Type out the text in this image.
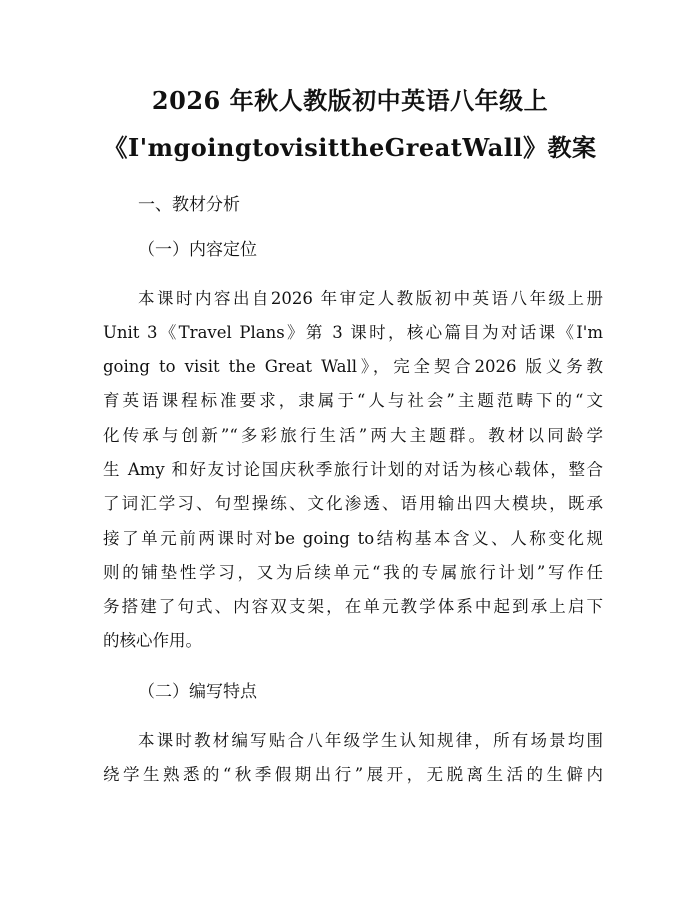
2026 年秋人教版初中英语八年级上
《I'mgoingtovisittheGreatWall》教案
一、教材分析
（一）内容定位
本课时内容出自2026 年审定人教版初中英语八年级上册
Unit 3《Travel Plans》第 3 课时，核心篇目为对话课《I'm
going to visit the Great Wall》，完全契合2026 版义务教
育英语课程标准要求，隶属于“人与社会”主题范畴下的“文
化传承与创新”“多彩旅行生活”两大主题群。教材以同龄学
生 Amy 和好友讨论国庆秋季旅行计划的对话为核心载体，整合
了词汇学习、句型操练、文化渗透、语用输出四大模块，既承
接了单元前两课时对be going to结构基本含义、人称变化规
则的铺垫性学习，又为后续单元“我的专属旅行计划”写作任
务搭建了句式、内容双支架，在单元教学体系中起到承上启下
的核心作用。
（二）编写特点
本课时教材编写贴合八年级学生认知规律，所有场景均围
绕学生熟悉的“秋季假期出行”展开，无脱离生活的生僻内
